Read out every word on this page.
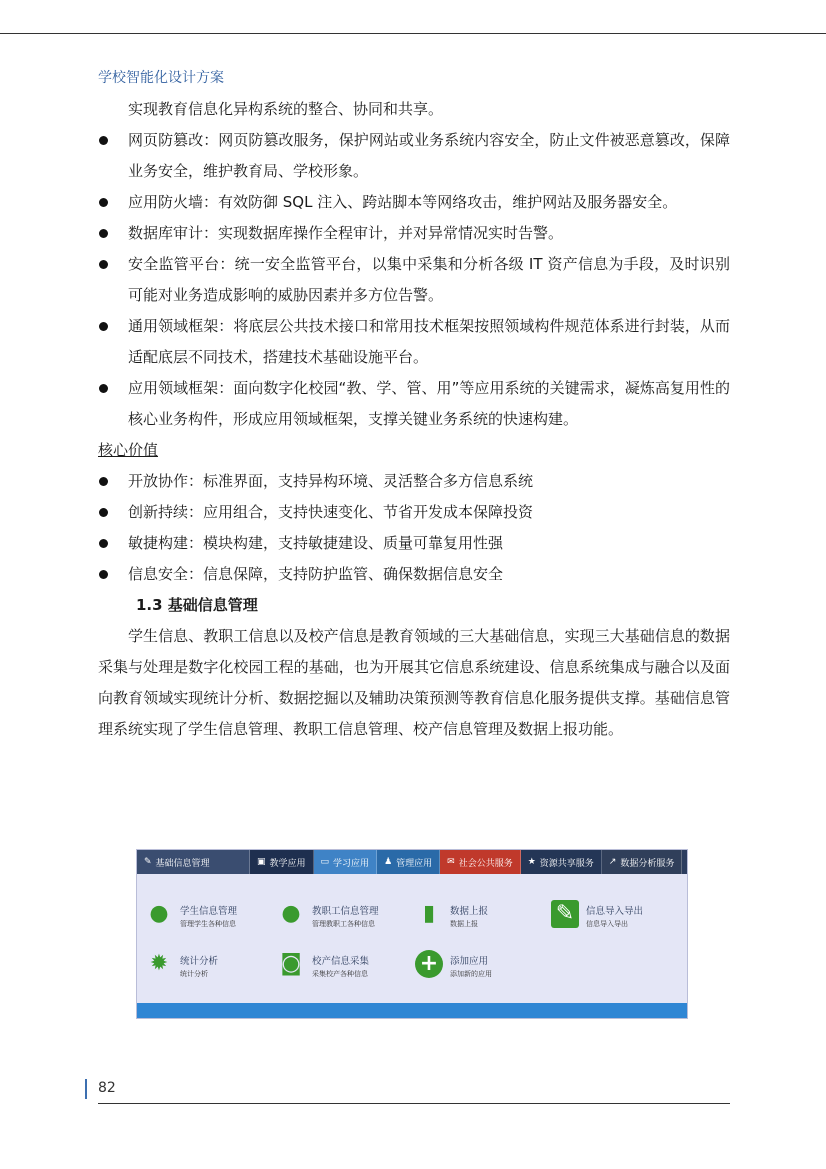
学校智能化设计方案

实现教育信息化异构系统的整合、协同和共享。

网页防篡改：网页防篡改服务，保护网站或业务系统内容安全，防止文件被恶意篡改，保障业务安全，维护教育局、学校形象。
应用防火墙：有效防御 SQL 注入、跨站脚本等网络攻击，维护网站及服务器安全。
数据库审计：实现数据库操作全程审计，并对异常情况实时告警。
安全监管平台：统一安全监管平台，以集中采集和分析各级 IT 资产信息为手段，及时识别可能对业务造成影响的威胁因素并多方位告警。
通用领域框架：将底层公共技术接口和常用技术框架按照领域构件规范体系进行封装，从而适配底层不同技术，搭建技术基础设施平台。
应用领域框架：面向数字化校园“教、学、管、用”等应用系统的关键需求，凝炼高复用性的核心业务构件，形成应用领域框架，支撑关键业务系统的快速构建。

核心价值

开放协作：标准界面，支持异构环境、灵活整合多方信息系统
创新持续：应用组合，支持快速变化、节省开发成本保障投资
敏捷构建：模块构建，支持敏捷建设、质量可靠复用性强
信息安全：信息保障，支持防护监管、确保数据信息安全

1.3 基础信息管理

学生信息、教职工信息以及校产信息是教育领域的三大基础信息，实现三大基础信息的数据采集与处理是数字化校园工程的基础，也为开展其它信息系统建设、信息系统集成与融合以及面向教育领域实现统计分析、数据挖掘以及辅助决策预测等教育信息化服务提供支撑。基础信息管理系统实现了学生信息管理、教职工信息管理、校产信息管理及数据上报功能。

✎ 基础信息管理	▣ 教学应用 ▭ 学习应用 ♟ 管理应用 ✉ 社会公共服务 ★ 资源共享服务 ↗ 数据分析服务
●	学生信息管理
管理学生各种信息 ●	教职工信息管理
管理教职工各种信息	▮	数据上报
数据上报	✎	信息导入导出
信息导入导出
✹	统计分析
统计分析	◙	校产信息采集
采集校产各种信息 +	添加应用
添加新的应用
82
